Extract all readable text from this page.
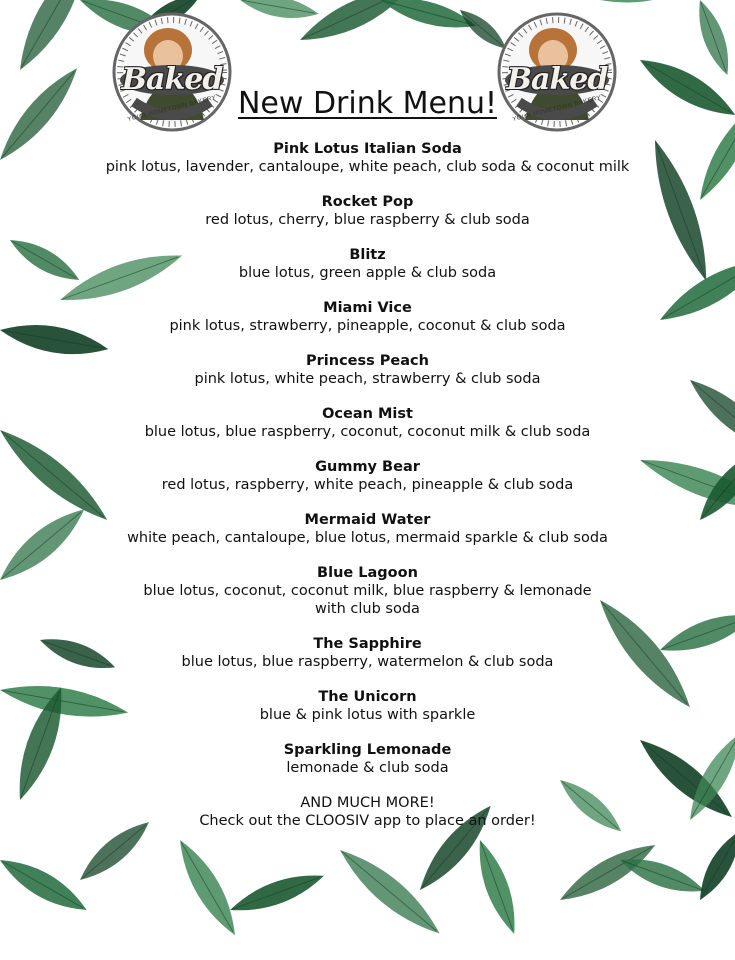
Baked
YOUR HOMETOWN BAKERY
Baked
YOUR HOMETOWN BAKERY
New Drink Menu!
Pink Lotus Italian Soda
pink lotus, lavender, cantaloupe, white peach, club soda & coconut milk
Rocket Pop
red lotus, cherry, blue raspberry & club soda
Blitz
blue lotus, green apple & club soda
Miami Vice
pink lotus, strawberry, pineapple, coconut & club soda
Princess Peach
pink lotus, white peach, strawberry & club soda
Ocean Mist
blue lotus, blue raspberry, coconut, coconut milk & club soda
Gummy Bear
red lotus, raspberry, white peach, pineapple & club soda
Mermaid Water
white peach, cantaloupe, blue lotus, mermaid sparkle & club soda
Blue Lagoon
blue lotus, coconut, coconut milk, blue raspberry & lemonade
with club soda
The Sapphire
blue lotus, blue raspberry, watermelon & club soda
The Unicorn
blue & pink lotus with sparkle
Sparkling Lemonade
lemonade & club soda
AND MUCH MORE!
Check out the CLOOSIV app to place an order!
